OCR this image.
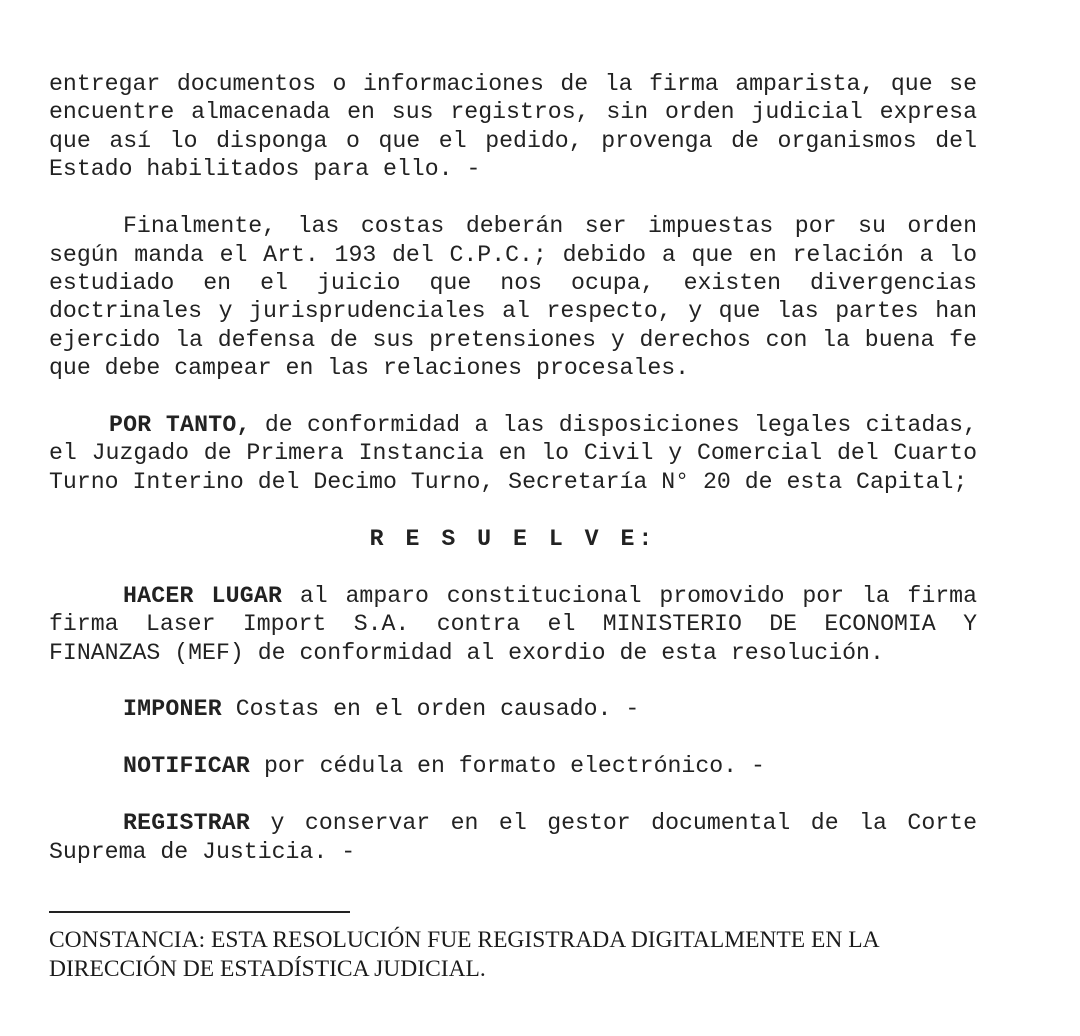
entregar documentos o informaciones de la firma amparista, que se encuentre almacenada en sus registros, sin orden judicial expresa que así lo disponga o que el pedido, provenga de organismos del Estado habilitados para ello. -

Finalmente, las costas deberán ser impuestas por su orden según manda el Art. 193 del C.P.C.; debido a que en relación a lo estudiado en el juicio que nos ocupa, existen divergencias doctrinales y jurisprudenciales al respecto, y que las partes han ejercido la defensa de sus pretensiones y derechos con la buena fe que debe campear en las relaciones procesales.

POR TANTO, de conformidad a las disposiciones legales citadas, el Juzgado de Primera Instancia en lo Civil y Comercial del Cuarto Turno Interino del Decimo Turno, Secretaría N° 20 de esta Capital;

R E S U E L V E:

HACER LUGAR al amparo constitucional promovido por la firma firma Laser Import S.A. contra el MINISTERIO DE ECONOMIA Y FINANZAS (MEF) de conformidad al exordio de esta resolución.

IMPONER Costas en el orden causado. -

NOTIFICAR por cédula en formato electrónico. -

REGISTRAR y conservar en el gestor documental de la Corte Suprema de Justicia. -

CONSTANCIA: ESTA RESOLUCIÓN FUE REGISTRADA DIGITALMENTE EN LA DIRECCIÓN DE ESTADÍSTICA JUDICIAL.
